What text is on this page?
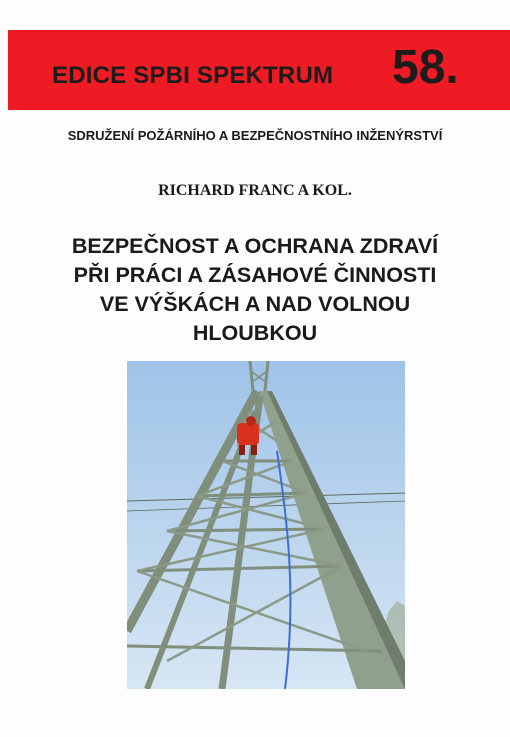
EDICE SPBI SPEKTRUM 58.
SDRUŽENÍ POŽÁRNÍHO A BEZPEČNOSTNÍHO INŽENÝRSTVÍ
RICHARD FRANC A KOL.
BEZPEČNOST A OCHRANA ZDRAVÍ
PŘI PRÁCI A ZÁSAHOVÉ ČINNOSTI
VE VÝŠKÁCH A NAD VOLNOU
HLOUBKOU
